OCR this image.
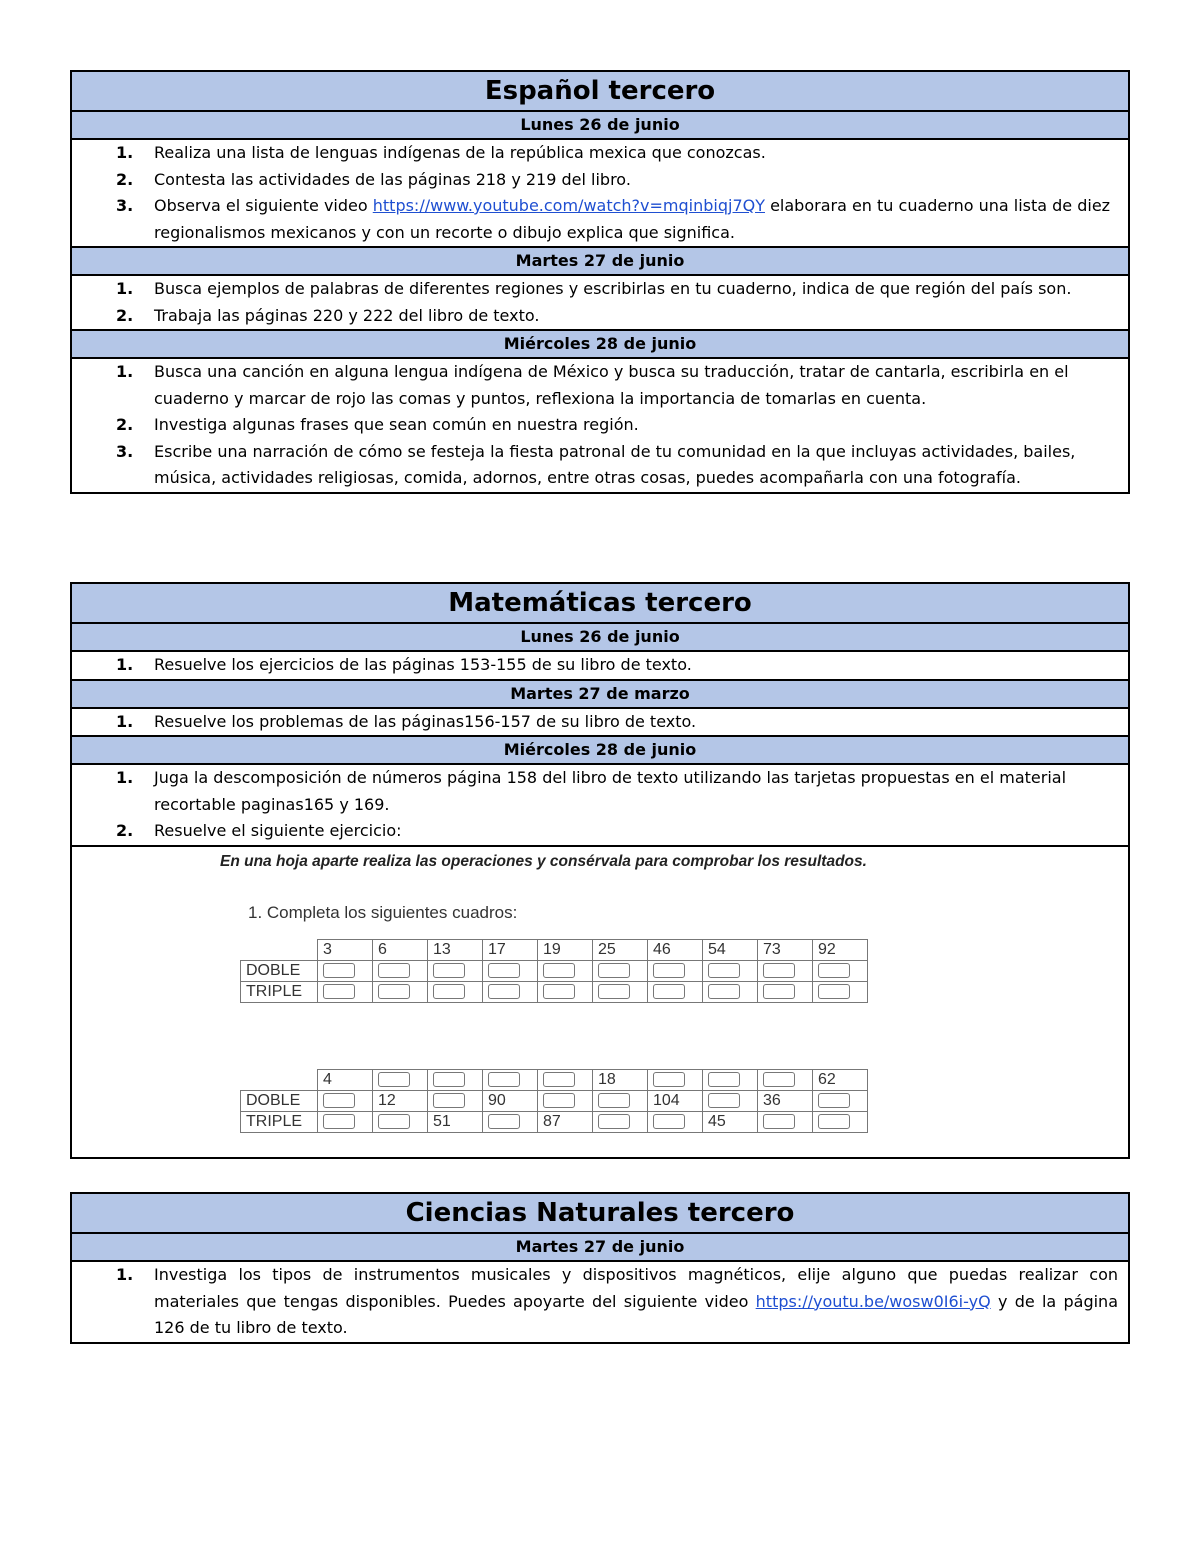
Español tercero
Lunes 26 de junio
1. Realiza una lista de lenguas indígenas de la república mexica que conozcas.
2. Contesta las actividades de las páginas 218 y 219 del libro.
3. Observa el siguiente video https://www.youtube.com/watch?v=mqinbiqj7QY elaborara en tu cuaderno una lista de diez regionalismos mexicanos y con un recorte o dibujo explica que significa.
Martes 27 de junio
1. Busca ejemplos de palabras de diferentes regiones y escribirlas en tu cuaderno, indica de que región del país son.
2. Trabaja las páginas 220 y 222 del libro de texto.
Miércoles 28 de junio
1. Busca una canción en alguna lengua indígena de México y busca su traducción, tratar de cantarla, escribirla en el cuaderno y marcar de rojo las comas y puntos, reflexiona la importancia de tomarlas en cuenta.
2. Investiga algunas frases que sean común en nuestra región.
3. Escribe una narración de cómo se festeja la fiesta patronal de tu comunidad en la que incluyas actividades, bailes, música, actividades religiosas, comida, adornos, entre otras cosas, puedes acompañarla con una fotografía.
Matemáticas tercero
Lunes 26 de junio
1. Resuelve los ejercicios de las páginas 153-155 de su libro de texto.
Martes 27 de marzo
1. Resuelve los problemas de las páginas156-157 de su libro de texto.
Miércoles 28 de junio
1. Juga la descomposición de números página 158 del libro de texto utilizando las tarjetas propuestas en el material recortable paginas165 y 169.
2. Resuelve el siguiente ejercicio:
En una hoja aparte realiza las operaciones y consérvala para comprobar los resultados.
1. Completa los siguientes cuadros:
	3	6	13	17	19	25	46	54	73	92
DOBLE										
TRIPLE										
	4					18				62
DOBLE		12		90			104		36	
TRIPLE			51		87			45		
Ciencias Naturales tercero
Martes 27 de junio
1. Investiga los tipos de instrumentos musicales y dispositivos magnéticos, elije alguno que puedas realizar con materiales que tengas disponibles. Puedes apoyarte del siguiente video https://youtu.be/wosw0I6i-yQ y de la página 126 de tu libro de texto.
